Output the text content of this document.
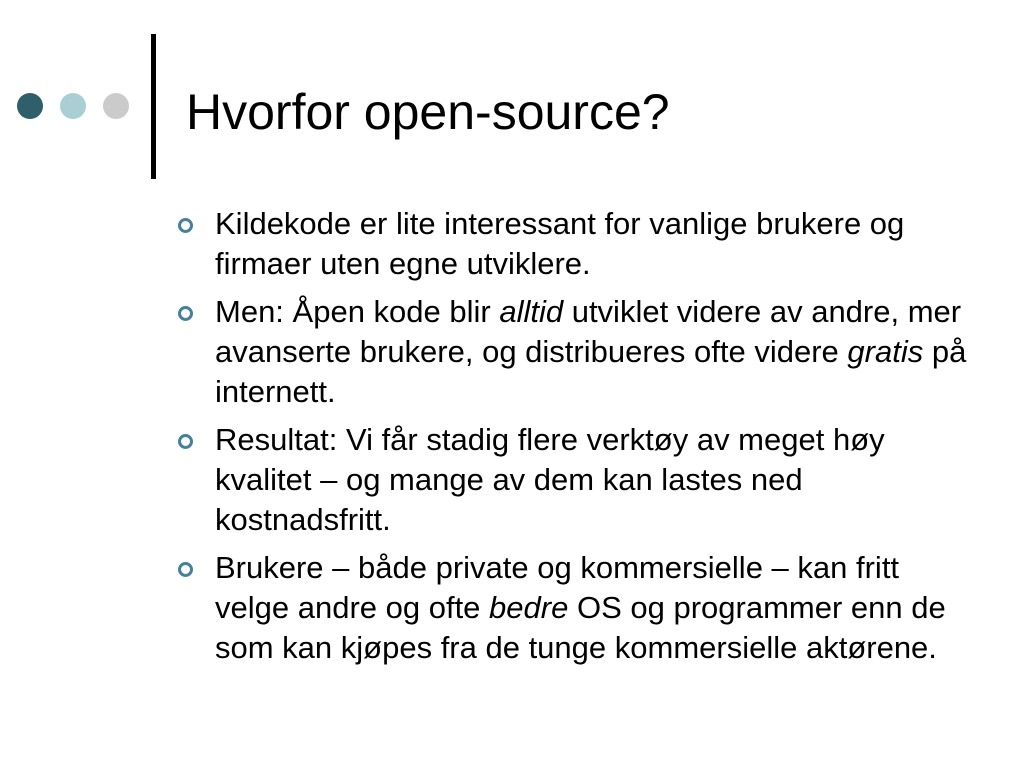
Hvorfor open-source?
Kildekode er lite interessant for vanlige brukere og firmaer uten egne utviklere.
Men: Åpen kode blir alltid utviklet videre av andre, mer avanserte brukere, og distribueres ofte videre gratis på internett.
Resultat: Vi får stadig flere verktøy av meget høy kvalitet – og mange av dem kan lastes ned kostnadsfritt.
Brukere – både private og kommersielle – kan fritt velge andre og ofte bedre OS og programmer enn de som kan kjøpes fra de tunge kommersielle aktørene.
